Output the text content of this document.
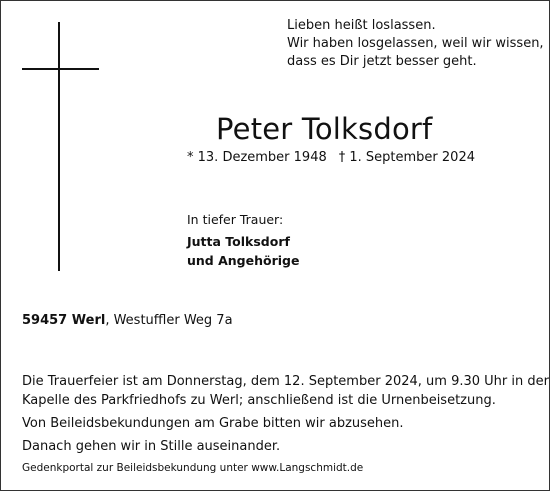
Lieben heißt loslassen.
Wir haben losgelassen, weil wir wissen,
dass es Dir jetzt besser geht.
Peter Tolksdorf
* 13. Dezember 1948 † 1. September 2024
In tiefer Trauer:
Jutta Tolksdorf
und Angehörige
59457 Werl, Westuffler Weg 7a
Die Trauerfeier ist am Donnerstag, dem 12. September 2024, um 9.30 Uhr in der
Kapelle des Parkfriedhofs zu Werl; anschließend ist die Urnenbeisetzung.
Von Beileidsbekundungen am Grabe bitten wir abzusehen.
Danach gehen wir in Stille auseinander.
Gedenkportal zur Beileidsbekundung unter www.Langschmidt.de
